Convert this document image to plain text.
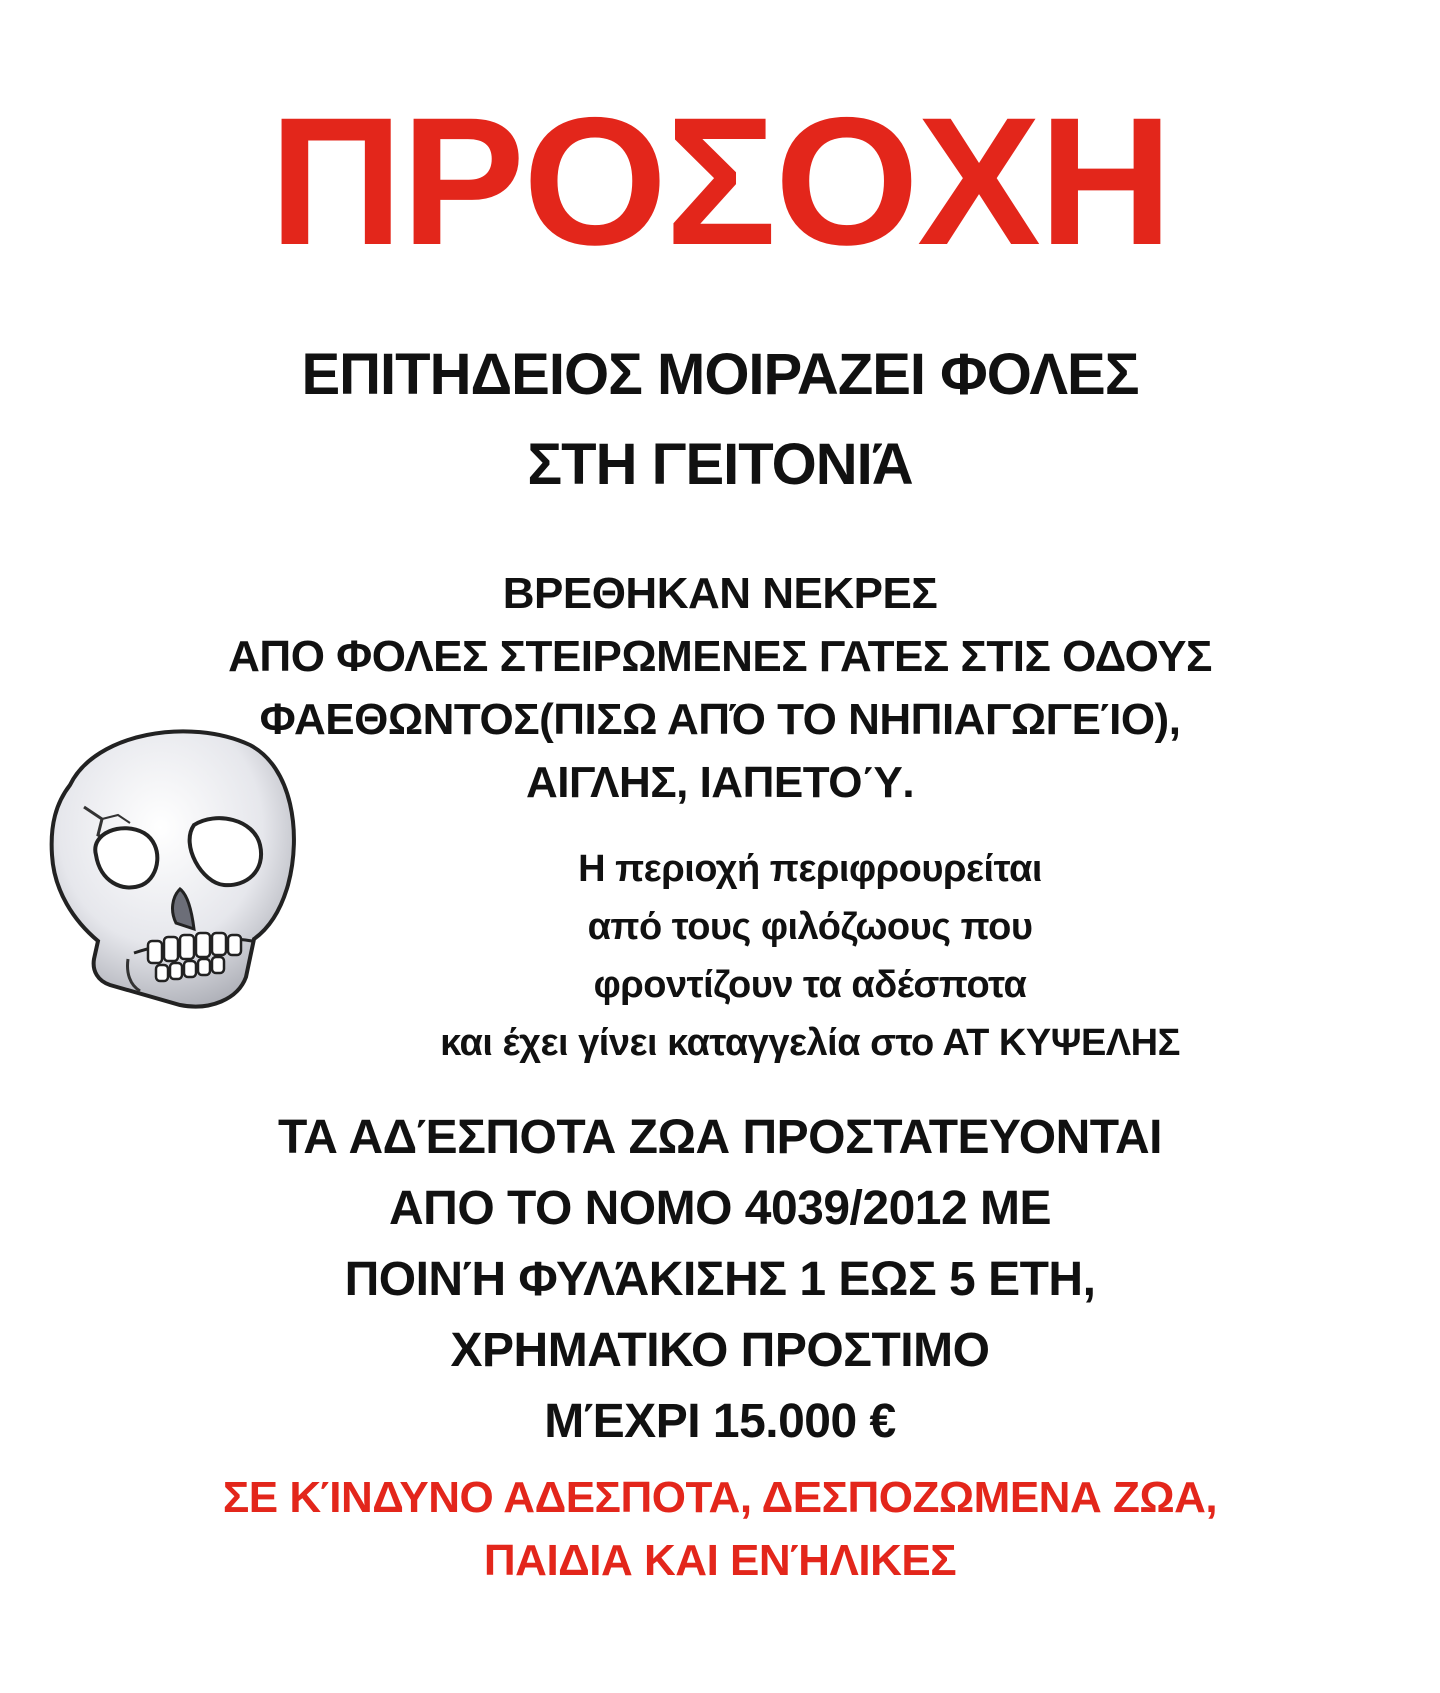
ΠΡΟΣΟΧΗ
ΕΠΙΤΗΔΕΙΟΣ ΜΟΙΡΑΖΕΙ ΦΟΛΕΣ
ΣΤΗ ΓΕΙΤΟΝΙΆ
ΒΡΕΘΗΚΑΝ ΝΕΚΡΕΣ
ΑΠΟ ΦΟΛΕΣ ΣΤΕΙΡΩΜΕΝΕΣ ΓΑΤΕΣ ΣΤΙΣ ΟΔΟΥΣ
ΦΑΕΘΩΝΤΟΣ(ΠΙΣΩ ΑΠΌ ΤΟ ΝΗΠΙΑΓΩΓΕΊΟ),
ΑΙΓΛΗΣ, ΙΑΠΕΤΟΎ.
Η περιοχή περιφρουρείται
από τους φιλόζωους που
φροντίζουν τα αδέσποτα
και έχει γίνει καταγγελία στο ΑΤ ΚΥΨΕΛΗΣ
ΤΑ ΑΔΈΣΠΟΤΑ ΖΩΑ ΠΡΟΣΤΑΤΕΥΟΝΤΑΙ
ΑΠΟ ΤΟ ΝΟΜΟ 4039/2012 ΜΕ
ΠΟΙΝΉ ΦΥΛΆΚΙΣΗΣ 1 ΕΩΣ 5 ΕΤΗ,
ΧΡΗΜΑΤΙΚΟ ΠΡΟΣΤΙΜΟ
ΜΈΧΡΙ 15.000 €
ΣΕ ΚΊΝΔΥΝΟ ΑΔΕΣΠΟΤΑ, ΔΕΣΠΟΖΩΜΕΝΑ ΖΩΑ,
ΠΑΙΔΙΑ ΚΑΙ ΕΝΉΛΙΚΕΣ
